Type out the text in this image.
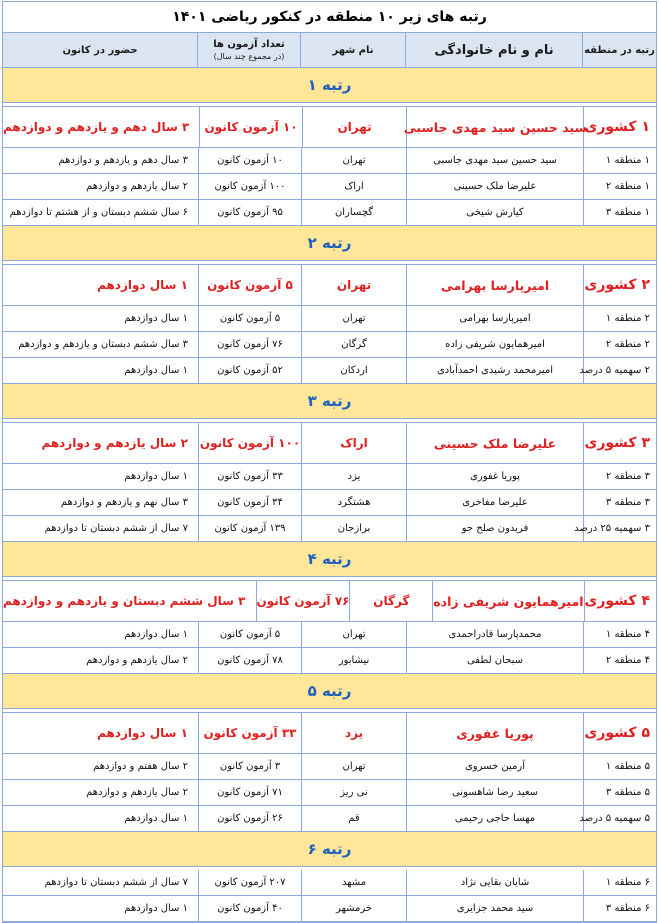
رتبه های زیر ۱۰ منطقه در کنکور ریاضی ۱۴۰۱
رتبه در منطقه
نام و نام خانوادگی
نام شهر
تعداد آزمون ها
(در مجموع چند سال)
حضور در کانون
رتبه ۱
۱ کشوری
سید حسین سید مهدی جاسبی
تهران
۱۰ آزمون کانون
۳ سال دهم و یازدهم و دوازدهم
۱ منطقه ۱
سید حسین سید مهدی جاسبی
تهران
۱۰ آزمون کانون
۳ سال دهم و یازدهم و دوازدهم
۱ منطقه ۲
علیرضا ملک حسینی
اراک
۱۰۰ آزمون کانون
۲ سال یازدهم و دوازدهم
۱ منطقه ۳
کیارش شیخی
گچساران
۹۵ آزمون کانون
۶ سال ششم دبستان و از هشتم تا دوازدهم
رتبه ۲
۲ کشوری
امیرپارسا بهرامی
تهران
۵ آزمون کانون
۱ سال دوازدهم
۲ منطقه ۱
امیرپارسا بهرامی
تهران
۵ آزمون کانون
۱ سال دوازدهم
۲ منطقه ۲
امیرهمایون شریفی زاده
گرگان
۷۶ آزمون کانون
۳ سال ششم دبستان و یازدهم و دوازدهم
۲ سهمیه ۵ درصد
امیرمحمد رشیدی احمدآبادی
اردکان
۵۲ آزمون کانون
۱ سال دوازدهم
رتبه ۳
۳ کشوری
علیرضا ملک حسینی
اراک
۱۰۰ آزمون کانون
۲ سال یازدهم و دوازدهم
۳ منطقه ۲
پوریا غفوری
یزد
۳۳ آزمون کانون
۱ سال دوازدهم
۳ منطقه ۳
علیرضا مفاخری
هشتگرد
۳۴ آزمون کانون
۳ سال نهم و یازدهم و دوازدهم
۳ سهمیه ۲۵ درصد
فریدون صلح جو
برازجان
۱۳۹ آزمون کانون
۷ سال از ششم دبستان تا دوازدهم
رتبه ۴
۴ کشوری
امیرهمایون شریفی زاده
گرگان
۷۶ آزمون کانون
۳ سال ششم دبستان و یازدهم و دوازدهم
۴ منطقه ۱
محمدپارسا قادراحمدی
تهران
۵ آزمون کانون
۱ سال دوازدهم
۴ منطقه ۲
سبحان لطفی
نیشابور
۷۸ آزمون کانون
۲ سال یازدهم و دوازدهم
رتبه ۵
۵ کشوری
پوریا غفوری
یزد
۳۳ آزمون کانون
۱ سال دوازدهم
۵ منطقه ۱
آرمین خسروی
تهران
۳ آزمون کانون
۲ سال هفتم و دوازدهم
۵ منطقه ۳
سعید رضا شاهسونی
نی ریز
۷۱ آزمون کانون
۲ سال یازدهم و دوازدهم
۵ سهمیه ۵ درصد
مهسا حاجی رحیمی
قم
۲۶ آزمون کانون
۱ سال دوازدهم
رتبه ۶
۶ منطقه ۱
شایان بقایی نژاد
مشهد
۲۰۷ آزمون کانون
۷ سال از ششم دبستان تا دوازدهم
۶ منطقه ۳
سید محمد جزایری
خرمشهر
۴۰ آزمون کانون
۱ سال دوازدهم
